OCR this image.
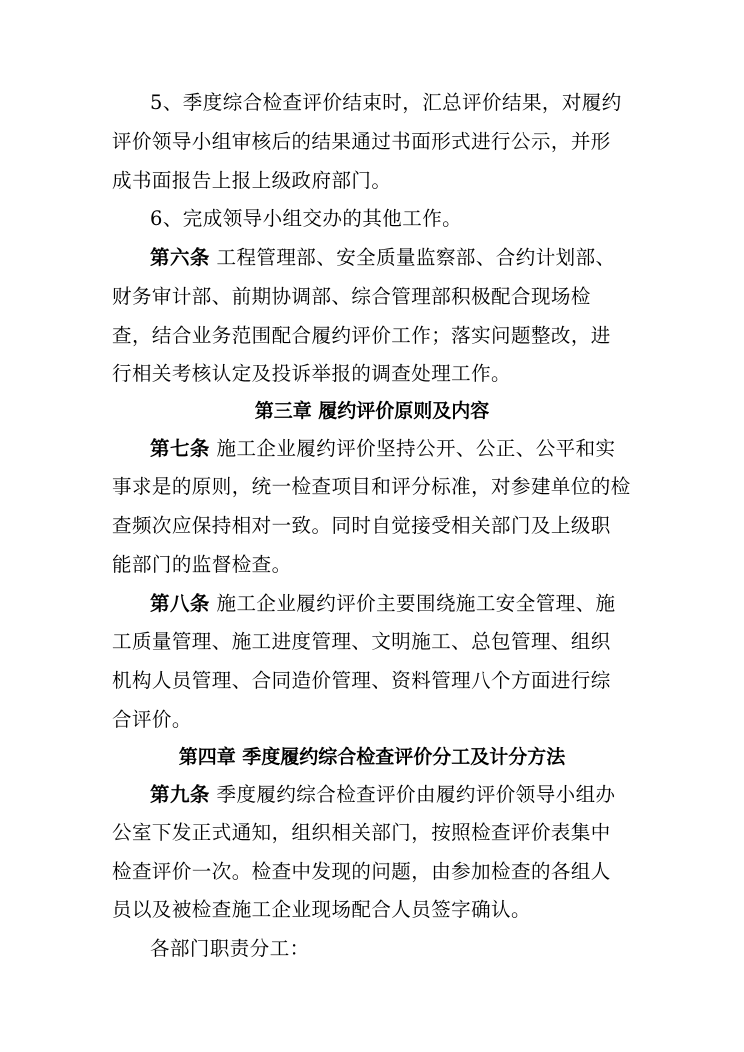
5、季度综合检查评价结束时，汇总评价结果，对履约
评价领导小组审核后的结果通过书面形式进行公示，并形
成书面报告上报上级政府部门。
6、完成领导小组交办的其他工作。
第六条 工程管理部、安全质量监察部、合约计划部、
财务审计部、前期协调部、综合管理部积极配合现场检
查，结合业务范围配合履约评价工作；落实问题整改，进
行相关考核认定及投诉举报的调查处理工作。
第三章 履约评价原则及内容
第七条 施工企业履约评价坚持公开、公正、公平和实
事求是的原则，统一检查项目和评分标准，对参建单位的检
查频次应保持相对一致。同时自觉接受相关部门及上级职
能部门的监督检查。
第八条 施工企业履约评价主要围绕施工安全管理、施
工质量管理、施工进度管理、文明施工、总包管理、组织
机构人员管理、合同造价管理、资料管理八个方面进行综
合评价。
第四章 季度履约综合检查评价分工及计分方法
第九条 季度履约综合检查评价由履约评价领导小组办
公室下发正式通知，组织相关部门，按照检查评价表集中
检查评价一次。检查中发现的问题，由参加检查的各组人
员以及被检查施工企业现场配合人员签字确认。
各部门职责分工：
